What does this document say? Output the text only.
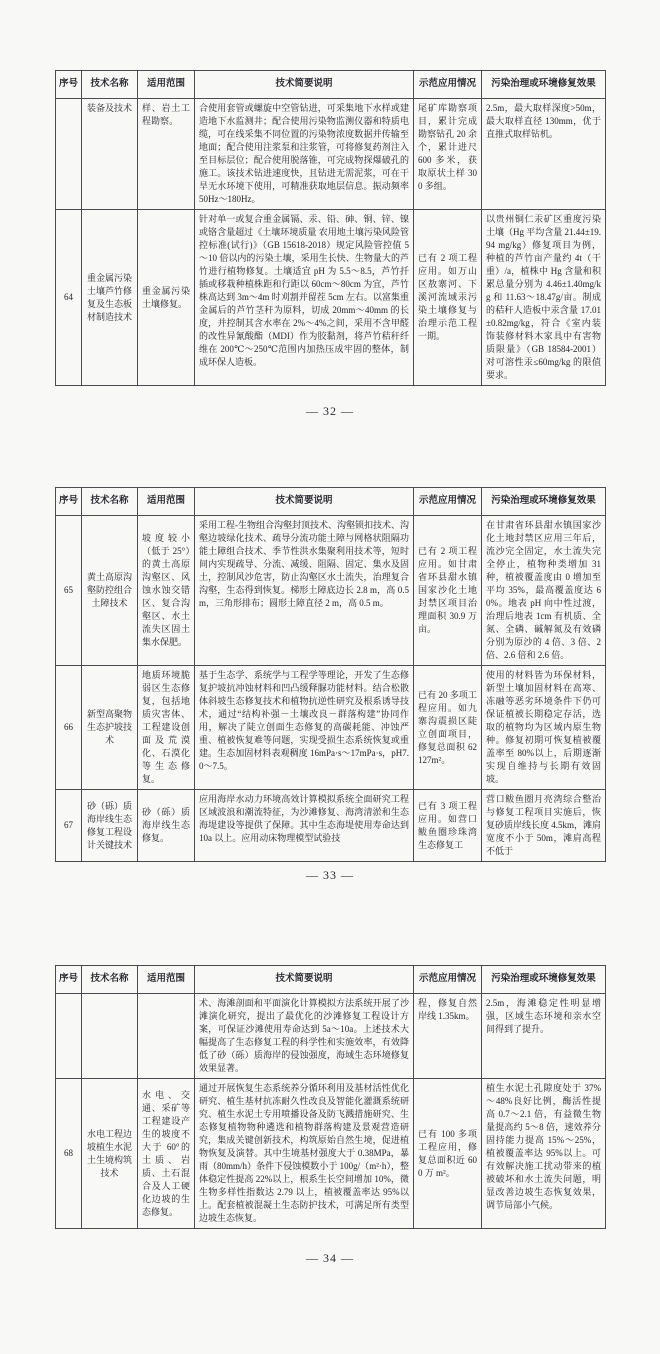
序号	技术名称	适用范围	技术简要说明	示范应用情况	污染治理或环境修复效果
	装备及技术	样、岩土工程勘察。	合使用套管或螺旋中空管钻进，可采集地下水样或建造地下水监测井；配合使用污染物监测仪器和特质电缆，可在线采集不同位置的污染物浓度数据并传输至地面；配合使用注浆泵和注浆管，可将修复药剂注入至目标层位；配合使用脱落锥，可完成物探爆破孔的施工。该技术钻进速度快，且钻进无需泥浆，可在干旱无水环境下使用，可精准获取地层信息。振动频率 50Hz～180Hz。	尾矿库勘察项目，累计完成勘察钻孔 20 余个，累计进尺 600 多米，获取原状土样 300 多组。	2.5m，最大取样深度>50m，最大取样直径 130mm，优于直推式取样钻机。
64	重金属污染土壤芦竹修复及生态板材制造技术	重金属污染土壤修复。	针对单一或复合重金属镉、汞、铅、砷、铜、锌、镍或铬含量超过《土壤环境质量 农用地土壤污染风险管控标准(试行)》（GB 15618-2018）规定风险管控值 5～10 倍以内的污染土壤，采用生长快、生物量大的芦竹进行植物修复。土壤适宜 pH 为 5.5～8.5，芦竹扦插或移栽种植株距和行距以 60cm～80cm 为宜，芦竹株高达到 3m～4m 时刈割并留茬 5cm 左右。以富集重金属后的芦竹茎秆为原料，切成 20mm～40mm 的长度，并控制其含水率在 2%～4%之间，采用不含甲醛的改性异氰酸酯（MDI）作为胶黏剂，将芦竹秸秆纤维在 200℃～250℃范围内加热压成牢固的整体，制成环保人造板。	已有 2 项工程应用。如万山区敖寨河、下溪河流域汞污染土壤修复与治理示范工程一期。	以贵州铜仁汞矿区重度污染土壤（Hg 平均含量 21.44±19.94 mg/kg）修复项目为例，种植的芦竹亩产量约 4t（干重）/a，植株中 Hg 含量和积累总量分别为 4.46±1.40mg/kg 和 11.63～18.47g/亩。制成的秸秆人造板中汞含量 17.01±0.82mg/kg，符合《室内装饰装修材料木家具中有害物质限量》（GB 18584-2001）对可溶性汞≤60mg/kg 的限值要求。
— 32 —
序号	技术名称	适用范围	技术简要说明	示范应用情况	污染治理或环境修复效果
65	黄土高原沟壑防控组合土障技术	坡度较小（低于 25°）的黄土高原沟壑区、风蚀水蚀交错区、复合沟壑区、水土流失区固土集水保肥。	采用工程-生物组合沟壑封顶技术、沟壑锁扣技术、沟壑边坡绿化技术、疏导分流功能土障与网格状阻隔功能土障组合技术、季节性洪水集聚利用技术等，短时间内实现疏导、分流、减缓、阻隔、固定、集水及固土，控制风沙危害，防止沟壑区水土流失，治理复合沟壑，生态得到恢复。梯形土障底边长 2.8 m，高 0.5 m，三角形排布；圆形土障直径 2 m，高 0.5 m。	已有 2 项工程应用。如甘肃省环县甜水镇国家沙化土地封禁区项目治理面积 30.9 万亩。	在甘肃省环县甜水镇国家沙化土地封禁区应用三年后，流沙完全固定，水土流失完全停止，植物种类增加 31 种，植被覆盖度由 0 增加至平均 35%，最高覆盖度达 60%。地表 pH 向中性过渡，治理后地表 1cm 有机质、全氮、全磷、碱解氮及有效磷分别为原沙的 4 倍、3 倍、2 倍、2.6 倍和 2.6 倍。
66	新型高聚物生态护坡技术	地质环境脆弱区生态修复，包括地质灾害体、工程建设创面及荒漠化、石漠化等生态修复。	基于生态学、系统学与工程学等理论，开发了生态修复护坡抗冲蚀材料和凹凸缓释脲功能材料。结合松散体斜坡生态修复技术和植物抗逆性研究及根系诱导技术，通过“结构补强－土壤改良－群落构建”协同作用，解决了陡立创面生态修复的高碳耗能、冲蚀严重、植被恢复难等问题，实现受损生态系统恢复或重建。生态加固材料表观稠度 16mPa·s～17mPa·s，pH7.0～7.5。	已有 20 多项工程应用。如九寨沟震损区陡立创面项目，修复总面积 62127m²。	使用的材料皆为环保材料，新型土壤加固材料在高寒、冻融等恶劣环境条件下仍可保证植被长期稳定存活，选取的植物均为区域内原生物种。修复初期可恢复植被覆盖率至 80%以上，后期逐渐实现自维持与长期有效固坡。
67	砂（砾）质海岸线生态修复工程设计关键技术	砂（砾）质海岸线生态修复。	应用海岸水动力环境高效计算模拟系统全面研究工程区域波浪和潮流特征，为沙滩修复、海湾清淤和生态海堤建设等提供了保障。其中生态海堤使用寿命达到 10a 以上。应用动床物理模型试验技	已有 3 项工程应用。如营口鲅鱼圈珍珠湾生态修复工	营口鲅鱼圈月亮湾综合整治与修复工程项目实施后，恢复砂质岸线长度 4.5km，滩肩宽度不小于 50m，滩肩高程不低于
— 33 —
序号	技术名称	适用范围	技术简要说明	示范应用情况	污染治理或环境修复效果
			术、海滩剖面和平面演化计算模拟方法系统开展了沙滩演化研究，提出了最优化的沙滩修复工程设计方案，可保证沙滩使用寿命达到 5a～10a。上述技术大幅提高了生态修复工程的科学性和实施效率，有效降低了砂（砾）质海岸的侵蚀强度，海域生态环境修复效果显著。	程，修复自然岸线 1.35km。	2.5m，海滩稳定性明显增强，区域生态环境和亲水空间得到了提升。
68	水电工程边坡植生水泥土生境构筑技术	水电、交通、采矿等工程建设产生的坡度不大于 60°的土质、岩质、土石混合及人工硬化边坡的生态修复。	通过开展恢复生态系统养分循环利用及基材活性优化研究、植生基材抗冻耐久性改良及智能化灌溉系统研究、植生水泥土专用喷播设备及防飞溅措施研究、生态修复植物物种遴选和植物群落构建及景观营造研究，集成关键创新技术，构筑原始自然生境，促进植物恢复及演替。其中生境基材强度大于 0.38MPa，暴雨（80mm/h）条件下侵蚀模数小于 100g/（m²·h），整体稳定性提高 22%以上，根系生长空间增加 10%，微生物多样性指数达 2.79 以上，植被覆盖率达 95%以上。配套植被混凝土生态防护技术，可满足所有类型边坡生态恢复。	已有 100 多项工程应用，修复总面积近 600 万 m²。	植生水泥土孔隙度处于 37%～48%良好比例，酶活性提高 0.7～2.1 倍，有益微生物量提高约 5～8 倍，速效养分固持能力提高 15%～25%，植被覆盖率达 95%以上。可有效解决施工扰动带来的植被破坏和水土流失问题，明显改善边坡生态恢复效果，调节局部小气候。
— 34 —
